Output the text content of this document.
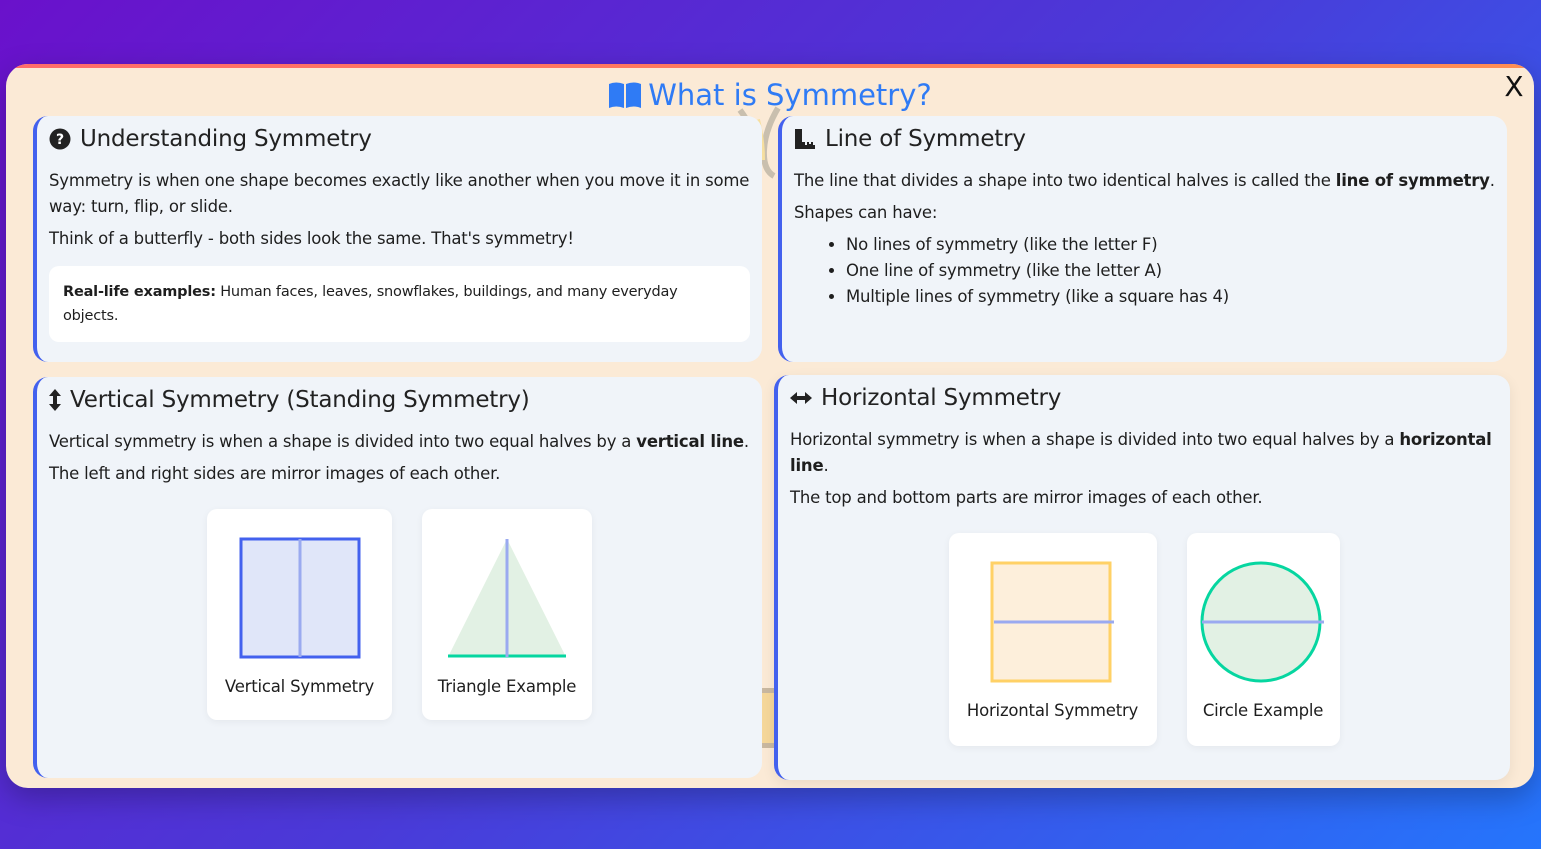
What is Symmetry?	X
? Understanding Symmetry

Symmetry is when one shape becomes exactly like another when you move it in some way: turn, flip, or slide.

Think of a butterfly - both sides look the same. That's symmetry!

Real-life examples: Human faces, leaves, snowflakes, buildings, and many everyday objects.
Line of Symmetry

The line that divides a shape into two identical halves is called the line of symmetry.

Shapes can have:

• No lines of symmetry (like the letter F)
• One line of symmetry (like the letter A)
• Multiple lines of symmetry (like a square has 4)
Vertical Symmetry (Standing Symmetry)

Vertical symmetry is when a shape is divided into two equal halves by a vertical line.

The left and right sides are mirror images of each other.

Vertical Symmetry	Triangle Example
Horizontal Symmetry

Horizontal symmetry is when a shape is divided into two equal halves by a horizontal line.

The top and bottom parts are mirror images of each other.

Horizontal Symmetry	Circle Example
